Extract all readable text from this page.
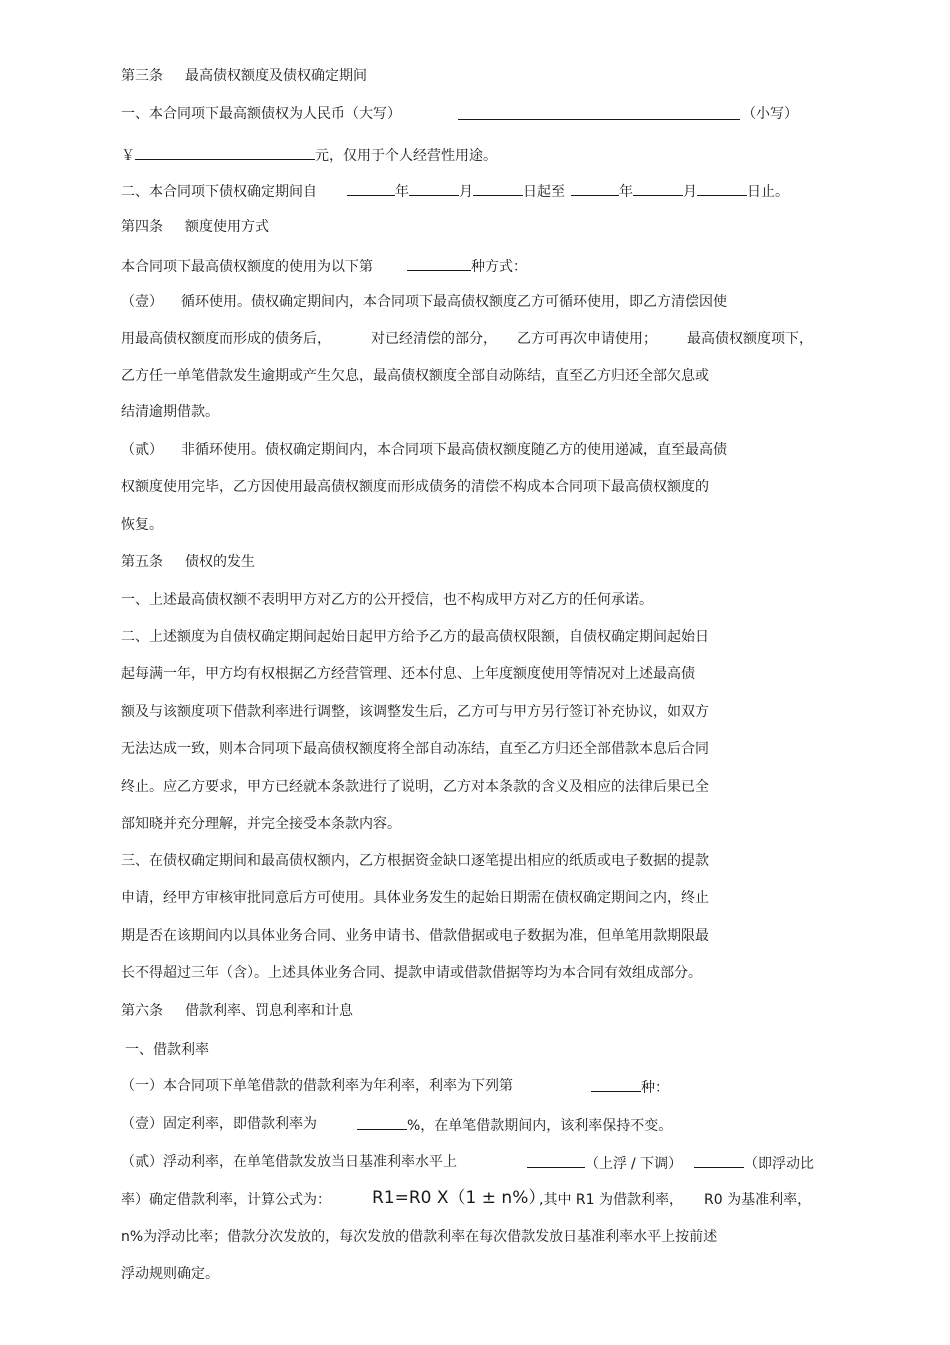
第三条 最高债权额度及债权确定期间
一、本合同项下最高额债权为人民币（大写）	（小写）
￥	元，仅用于个人经营性用途。
二、本合同项下债权确定期间自	年	月	日起至	年	月	日止。
第四条 额度使用方式
本合同项下最高债权额度的使用为以下第	种方式：
（壹） 循环使用。债权确定期间内，本合同项下最高债权额度乙方可循环使用，即乙方清偿因使
用最高债权额度而形成的债务后，	对已经清偿的部分， 乙方可再次申请使用； 最高债权额度项下，
乙方任一单笔借款发生逾期或产生欠息，最高债权额度全部自动陈结，直至乙方归还全部欠息或
结清逾期借款。
（贰） 非循环使用。债权确定期间内，本合同项下最高债权额度随乙方的使用递减，直至最高债
权额度使用完毕，乙方因使用最高债权额度而形成债务的清偿不构成本合同项下最高债权额度的
恢复。
第五条 债权的发生
一、上述最高债权额不表明甲方对乙方的公开授信，也不构成甲方对乙方的任何承诺。
二、上述额度为自债权确定期间起始日起甲方给予乙方的最高债权限额，自债权确定期间起始日
起每满一年，甲方均有权根据乙方经营管理、还本付息、上年度额度使用等情况对上述最高债
额及与该额度项下借款利率进行调整，该调整发生后，乙方可与甲方另行签订补充协议，如双方
无法达成一致，则本合同项下最高债权额度将全部自动冻结，直至乙方归还全部借款本息后合同
终止。应乙方要求，甲方已经就本条款进行了说明，乙方对本条款的含义及相应的法律后果已全
部知晓并充分理解，并完全接受本条款内容。
三、在债权确定期间和最高债权额内，乙方根据资金缺口逐笔提出相应的纸质或电子数据的提款
申请，经甲方审核审批同意后方可使用。具体业务发生的起始日期需在债权确定期间之内，终止
期是否在该期间内以具体业务合同、业务申请书、借款借据或电子数据为准，但单笔用款期限最
长不得超过三年（含）。上述具体业务合同、提款申请或借款借据等均为本合同有效组成部分。
第六条 借款利率、罚息利率和计息
一、借款利率
（一）本合同项下单笔借款的借款利率为年利率，利率为下列第	种：
（壹）固定利率，即借款利率为	%，在单笔借款期间内，该利率保持不变。
（贰）浮动利率，在单笔借款发放当日基准利率水平上	（上浮 / 下调）	（即浮动比
率）确定借款利率，计算公式为： R1=R0 X（1 ± n%）
,其中 R1 为借款利率， R0 为基准利率，
n%为浮动比率；借款分次发放的，每次发放的借款利率在每次借款发放日基准利率水平上按前述
浮动规则确定。
